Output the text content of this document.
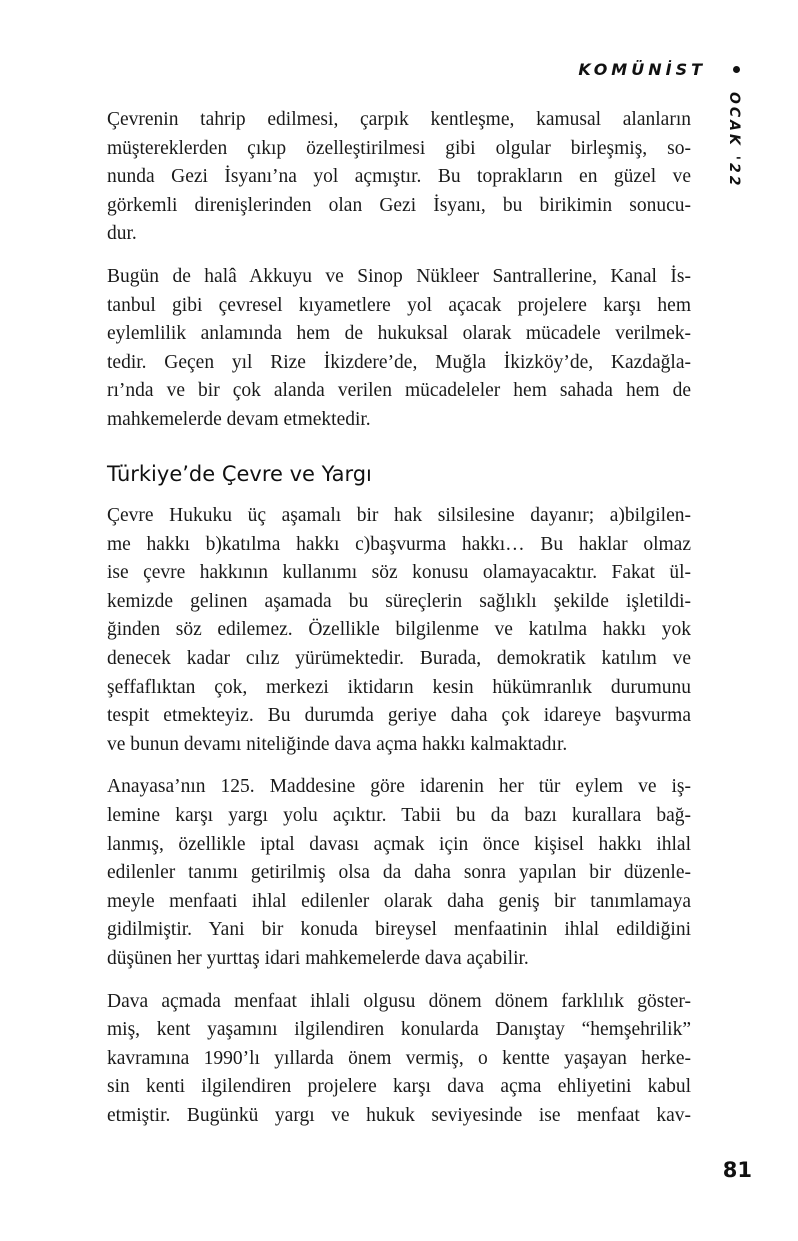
KOMÜNİST
OCAK '22
Çevrenin tahrip edilmesi, çarpık kentleşme, kamusal alanların
müştereklerden çıkıp özelleştirilmesi gibi olgular birleşmiş, so-
nunda Gezi İsyanı’na yol açmıştır. Bu toprakların en güzel ve
görkemli direnişlerinden olan Gezi İsyanı, bu birikimin sonucu-
dur.
Bugün de halâ Akkuyu ve Sinop Nükleer Santrallerine, Kanal İs-
tanbul gibi çevresel kıyametlere yol açacak projelere karşı hem
eylemlilik anlamında hem de hukuksal olarak mücadele verilmek-
tedir. Geçen yıl Rize İkizdere’de, Muğla İkizköy’de, Kazdağla-
rı’nda ve bir çok alanda verilen mücadeleler hem sahada hem de
mahkemelerde devam etmektedir.
Türkiye’de Çevre ve Yargı
Çevre Hukuku üç aşamalı bir hak silsilesine dayanır; a)bilgilen-
me hakkı b)katılma hakkı c)başvurma hakkı… Bu haklar olmaz
ise çevre hakkının kullanımı söz konusu olamayacaktır. Fakat ül-
kemizde gelinen aşamada bu süreçlerin sağlıklı şekilde işletildi-
ğinden söz edilemez. Özellikle bilgilenme ve katılma hakkı yok
denecek kadar cılız yürümektedir. Burada, demokratik katılım ve
şeffaflıktan çok, merkezi iktidarın kesin hükümranlık durumunu
tespit etmekteyiz. Bu durumda geriye daha çok idareye başvurma
ve bunun devamı niteliğinde dava açma hakkı kalmaktadır.
Anayasa’nın 125. Maddesine göre idarenin her tür eylem ve iş-
lemine karşı yargı yolu açıktır. Tabii bu da bazı kurallara bağ-
lanmış, özellikle iptal davası açmak için önce kişisel hakkı ihlal
edilenler tanımı getirilmiş olsa da daha sonra yapılan bir düzenle-
meyle menfaati ihlal edilenler olarak daha geniş bir tanımlamaya
gidilmiştir. Yani bir konuda bireysel menfaatinin ihlal edildiğini
düşünen her yurttaş idari mahkemelerde dava açabilir.
Dava açmada menfaat ihlali olgusu dönem dönem farklılık göster-
miş, kent yaşamını ilgilendiren konularda Danıştay “hemşehrilik”
kavramına 1990’lı yıllarda önem vermiş, o kentte yaşayan herke-
sin kenti ilgilendiren projelere karşı dava açma ehliyetini kabul
etmiştir. Bugünkü yargı ve hukuk seviyesinde ise menfaat kav-
81
